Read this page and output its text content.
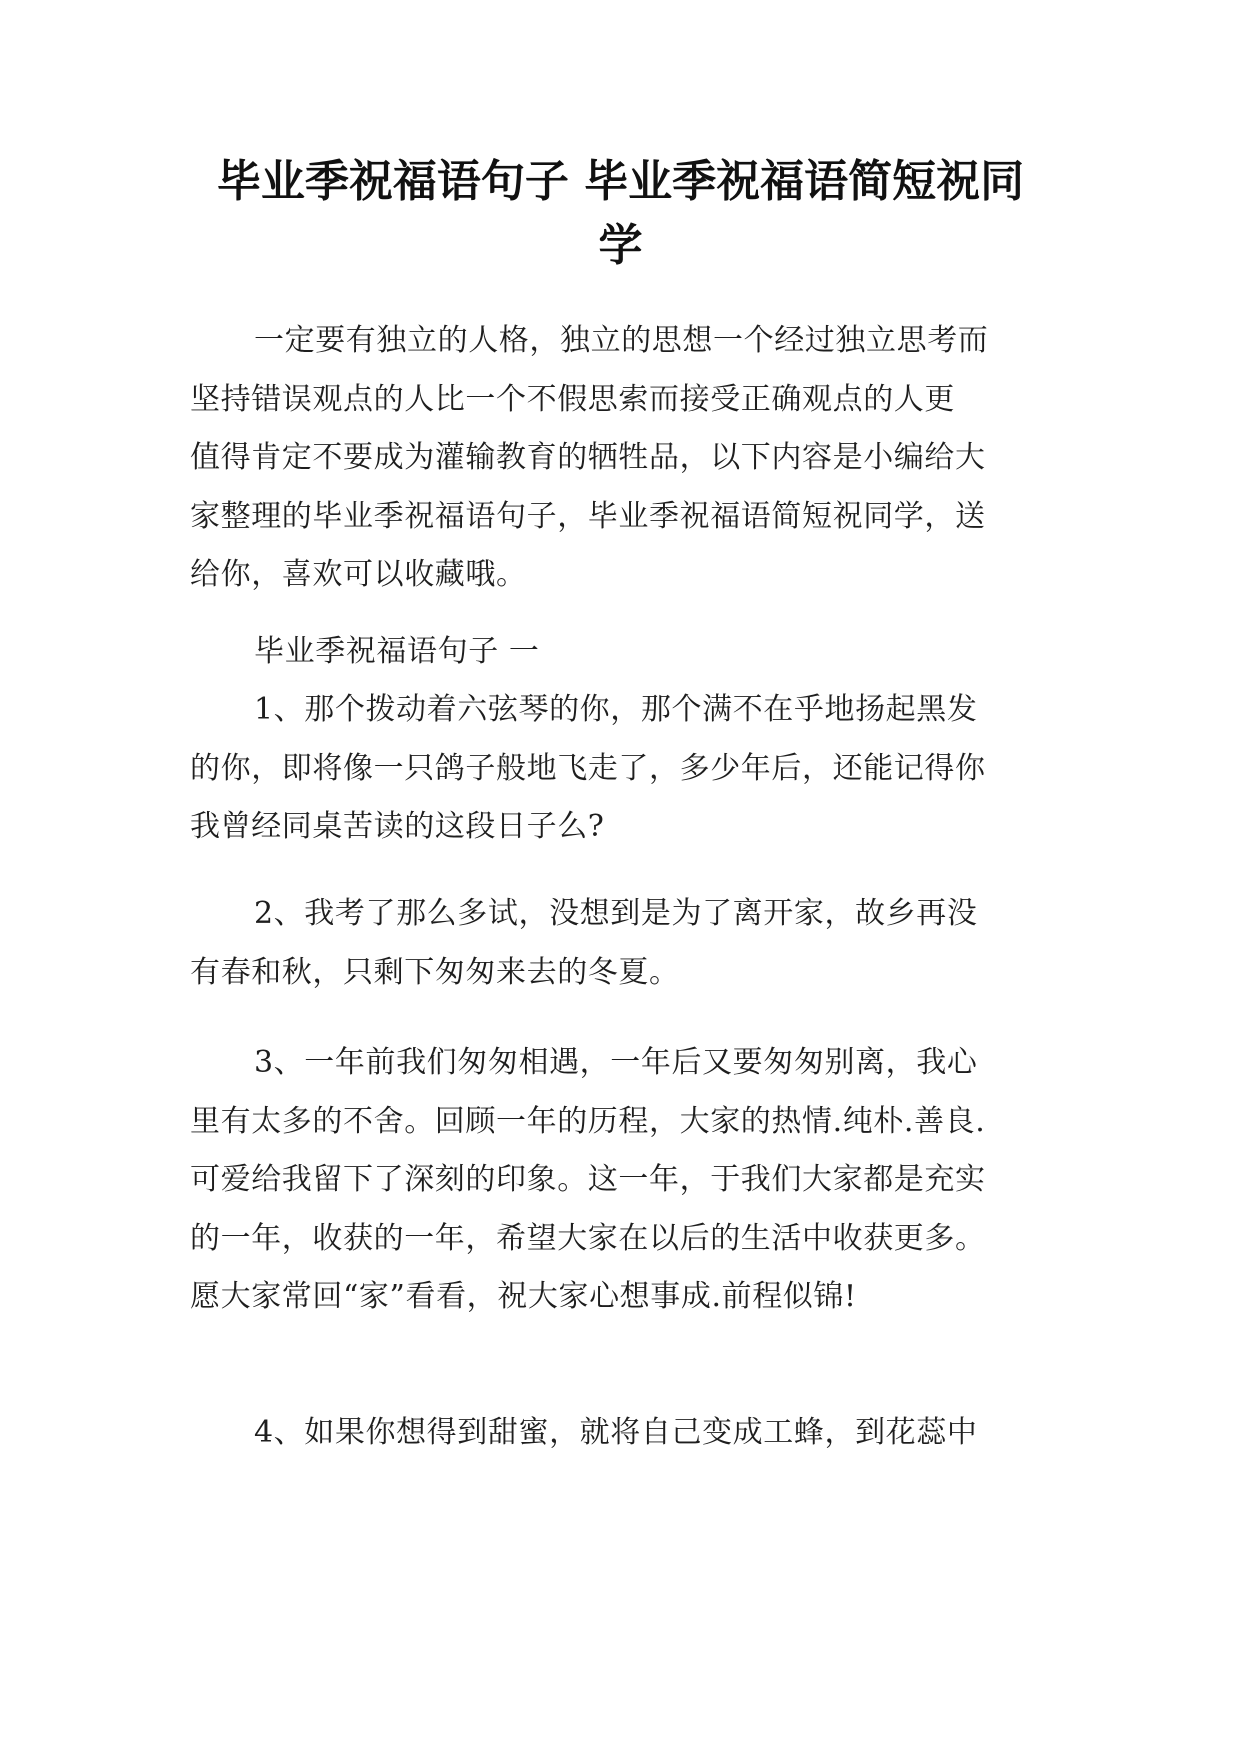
毕业季祝福语句子 毕业季祝福语简短祝同
学
一定要有独立的人格，独立的思想一个经过独立思考而
坚持错误观点的人比一个不假思索而接受正确观点的人更
值得肯定不要成为灌输教育的牺牲品，以下内容是小编给大
家整理的毕业季祝福语句子，毕业季祝福语简短祝同学，送
给你，喜欢可以收藏哦。
毕业季祝福语句子 一
1、那个拨动着六弦琴的你，那个满不在乎地扬起黑发
的你，即将像一只鸽子般地飞走了，多少年后，还能记得你
我曾经同桌苦读的这段日子么?
2、我考了那么多试，没想到是为了离开家，故乡再没
有春和秋，只剩下匆匆来去的冬夏。
3、一年前我们匆匆相遇，一年后又要匆匆别离，我心
里有太多的不舍。回顾一年的历程，大家的热情.纯朴.善良.
可爱给我留下了深刻的印象。这一年，于我们大家都是充实
的一年，收获的一年，希望大家在以后的生活中收获更多。
愿大家常回“家”看看，祝大家心想事成.前程似锦!
4、如果你想得到甜蜜，就将自己变成工蜂，到花蕊中
